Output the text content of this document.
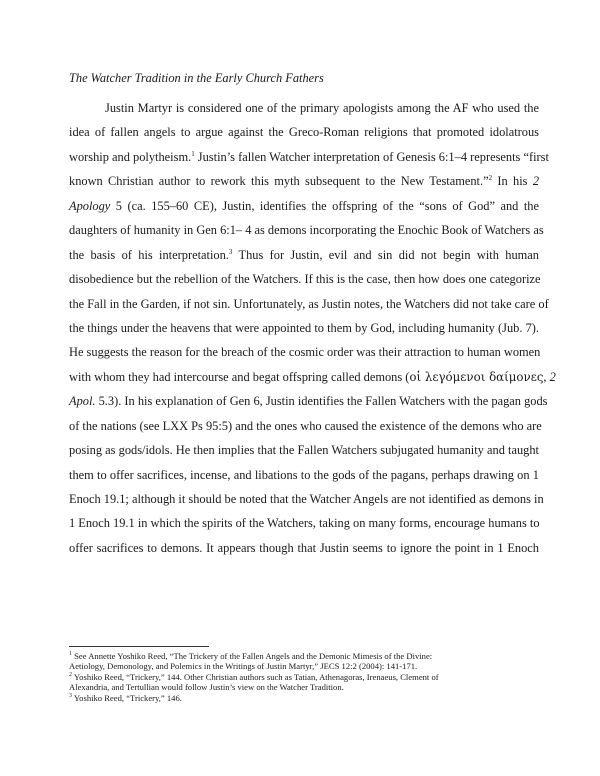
The Watcher Tradition in the Early Church Fathers

Justin Martyr is considered one of the primary apologists among the AF who used the
idea of fallen angels to argue against the Greco-Roman religions that promoted idolatrous
worship and polytheism.$^1$ Justin’s fallen Watcher interpretation of Genesis 6:1–4 represents “first
known Christian author to rework this myth subsequent to the New Testament.”$^2$ In his 2
Apology 5 (ca. 155–60 CE), Justin, identifies the offspring of the “sons of God” and the
daughters of humanity in Gen 6:1– 4 as demons incorporating the Enochic Book of Watchers as
the basis of his interpretation.$^3$ Thus for Justin, evil and sin did not begin with human
disobedience but the rebellion of the Watchers. If this is the case, then how does one categorize
the Fall in the Garden, if not sin. Unfortunately, as Justin notes, the Watchers did not take care of
the things under the heavens that were appointed to them by God, including humanity (Jub. 7).
He suggests the reason for the breach of the cosmic order was their attraction to human women
with whom they had intercourse and begat offspring called demons (οἱ λεγόμενοι δαίμονες, 2
Apol. 5.3). In his explanation of Gen 6, Justin identifies the Fallen Watchers with the pagan gods
of the nations (see LXX Ps 95:5) and the ones who caused the existence of the demons who are
posing as gods/idols. He then implies that the Fallen Watchers subjugated humanity and taught
them to offer sacrifices, incense, and libations to the gods of the pagans, perhaps drawing on 1
Enoch 19.1; although it should be noted that the Watcher Angels are not identified as demons in
1 Enoch 19.1 in which the spirits of the Watchers, taking on many forms, encourage humans to
offer sacrifices to demons. It appears though that Justin seems to ignore the point in 1 Enoch
$^1$ See Annette Yoshiko Reed, “The Trickery of the Fallen Angels and the Demonic Mimesis of the Divine:
Aetiology, Demonology, and Polemics in the Writings of Justin Martyr,” JECS 12:2 (2004): 141-171.
$^2$ Yoshiko Reed, “Trickery,” 144. Other Christian authors such as Tatian, Athenagoras, Irenaeus, Clement of
Alexandria, and Tertullian would follow Justin’s view on the Watcher Tradition.
$^3$ Yoshiko Reed, “Trickery,” 146.
